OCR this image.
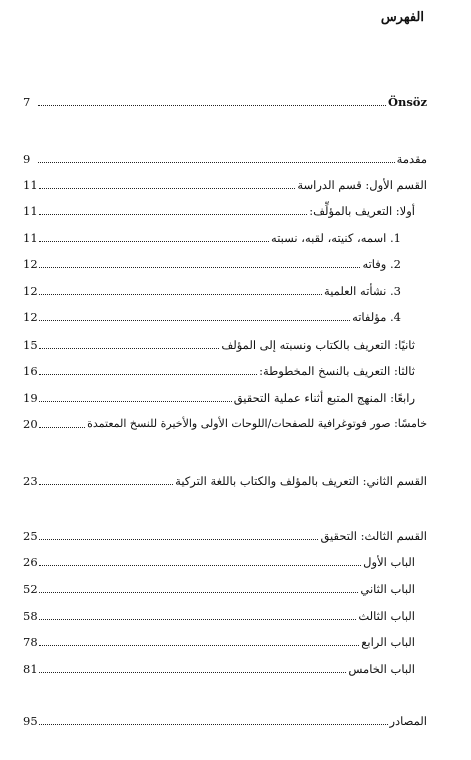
الفهرس
Önsöz
7
مقدمة
9
القسم الأول: قسم الدراسة
11
أولا: التعريف بالمؤلِّف:
11
1. اسمه، كنيته، لقبه، نسبته
11
2. وفاته
12
3. نشأته العلمية
12
4. مؤلفاته
12
ثانيًا: التعريف بالكتاب ونسبته إلى المؤلف
15
ثالثا: التعريف بالنسخ المخطوطة:
16
رابعًا: المنهج المتبع أثناء عملية التحقيق
19
خامسًا: صور فوتوغرافية للصفحات/اللوحات الأولى والأخيرة للنسخ المعتمدة
20
القسم الثاني: التعريف بالمؤلف والكتاب باللغة التركية
23
القسم الثالث: التحقيق
25
الباب الأول
26
الباب الثاني
52
الباب الثالث
58
الباب الرابع
78
الباب الخامس
81
المصادر
95
